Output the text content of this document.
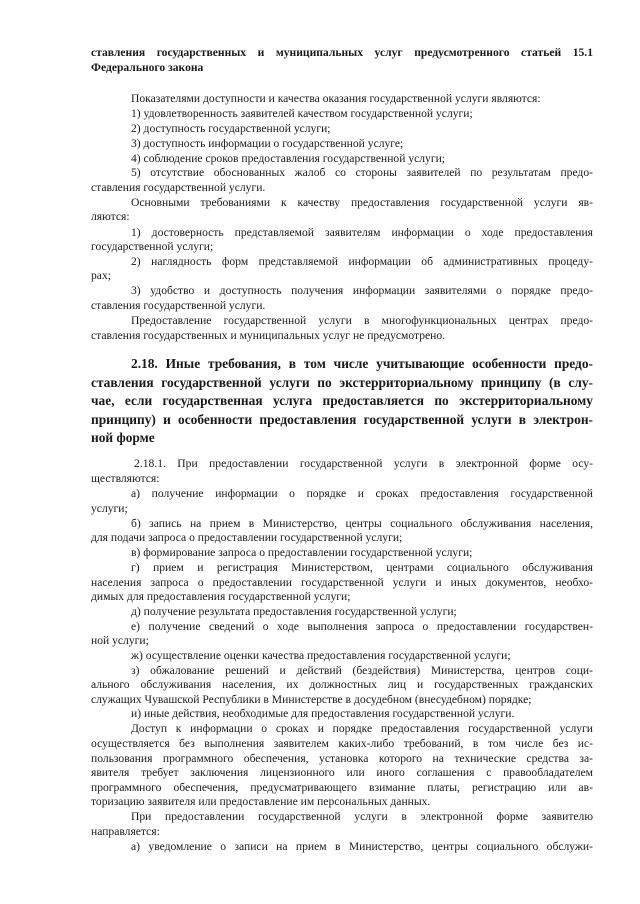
ставления государственных и муниципальных услуг предусмотренного статьей 15.1
Федерального закона
Показателями доступности и качества оказания государственной услуги являются:
1) удовлетворенность заявителей качеством государственной услуги;
2) доступность государственной услуги;
3) доступность информации о государственной услуге;
4) соблюдение сроков предоставления государственной услуги;
5) отсутствие обоснованных жалоб со стороны заявителей по результатам предо-
ставления государственной услуги.
Основными требованиями к качеству предоставления государственной услуги яв-
ляются:
1) достоверность представляемой заявителям информации о ходе предоставления
государственной услуги;
2) наглядность форм представляемой информации об административных процеду-
рах;
3) удобство и доступность получения информации заявителями о порядке предо-
ставления государственной услуги.
Предоставление государственной услуги в многофункциональных центрах предо-
ставления государственных и муниципальных услуг не предусмотрено.
2.18. Иные требования, в том числе учитывающие особенности предо-
ставления государственной услуги по экстерриториальному принципу (в слу-
чае, если государственная услуга предоставляется по экстерриториальному
принципу) и особенности предоставления государственной услуги в электрон-
ной форме
2.18.1. При предоставлении государственной услуги в электронной форме осу-
ществляются:
а) получение информации о порядке и сроках предоставления государственной
услуги;
б) запись на прием в Министерство, центры социального обслуживания населения,
для подачи запроса о предоставлении государственной услуги;
в) формирование запроса о предоставлении государственной услуги;
г) прием и регистрация Министерством, центрами социального обслуживания
населения запроса о предоставлении государственной услуги и иных документов, необхо-
димых для предоставления государственной услуги;
д) получение результата предоставления государственной услуги;
е) получение сведений о ходе выполнения запроса о предоставлении государствен-
ной услуги;
ж) осуществление оценки качества предоставления государственной услуги;
з) обжалование решений и действий (бездействия) Министерства, центров соци-
ального обслуживания населения, их должностных лиц и государственных гражданских
служащих Чувашской Республики в Министерстве в досудебном (внесудебном) порядке;
и) иные действия, необходимые для предоставления государственной услуги.
Доступ к информации о сроках и порядке предоставления государственной услуги
осуществляется без выполнения заявителем каких-либо требований, в том числе без ис-
пользования программного обеспечения, установка которого на технические средства за-
явителя требует заключения лицензионного или иного соглашения с правообладателем
программного обеспечения, предусматривающего взимание платы, регистрацию или ав-
торизацию заявителя или предоставление им персональных данных.
При предоставлении государственной услуги в электронной форме заявителю
направляется:
а) уведомление о записи на прием в Министерство, центры социального обслужи-
